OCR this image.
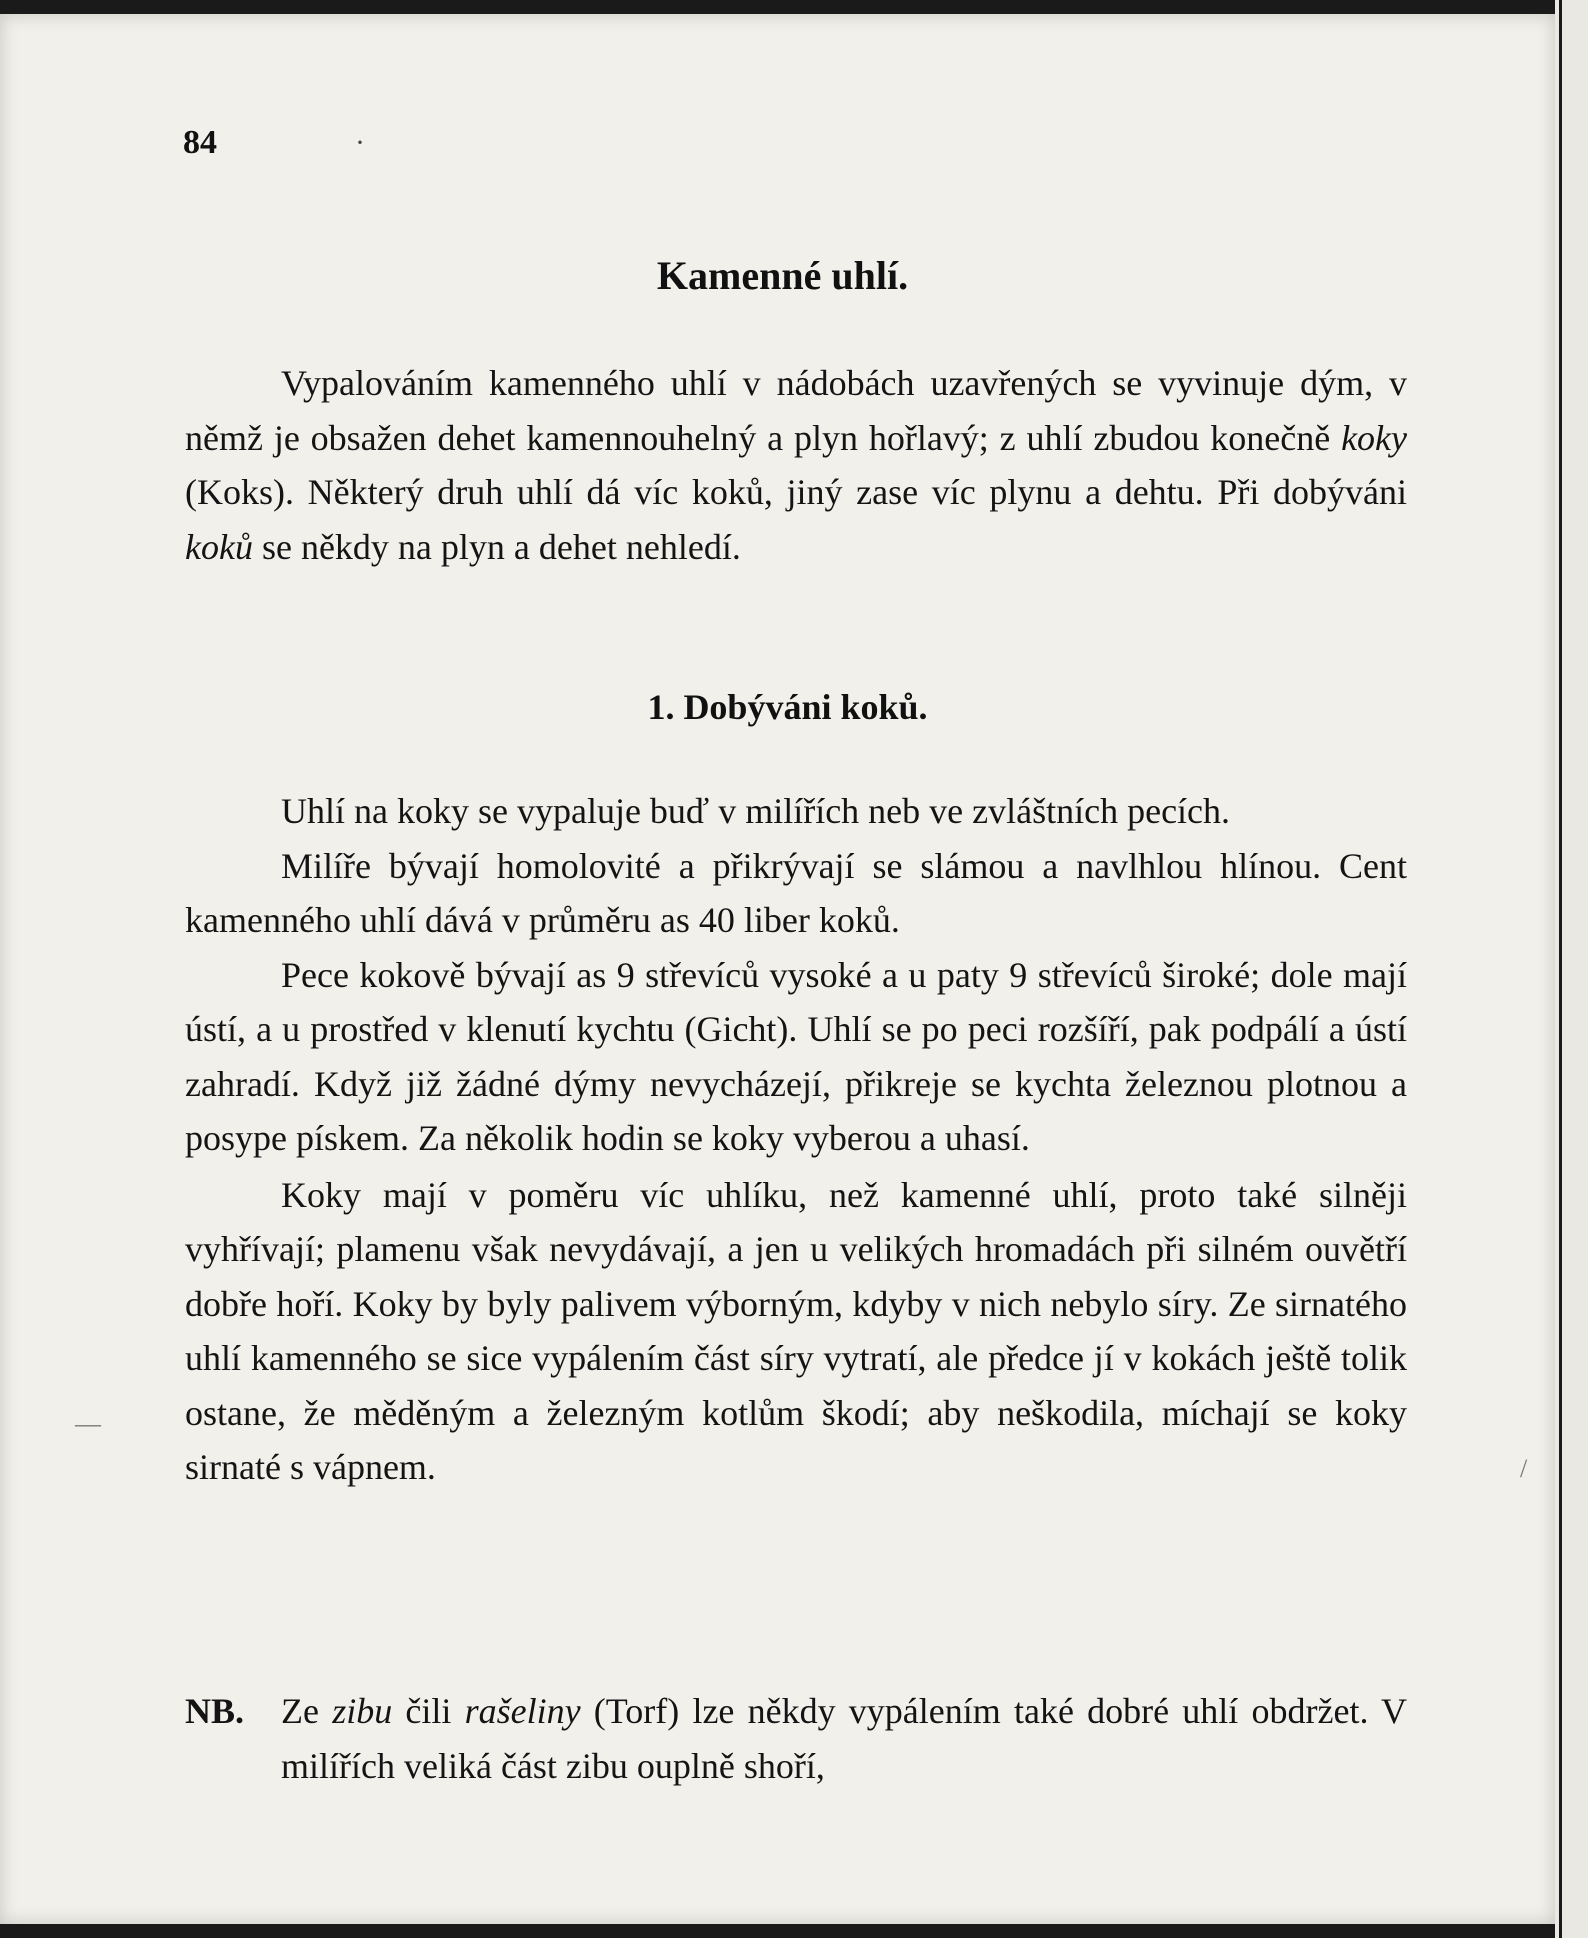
84	·
Kamenné uhlí.

Vypalováním kamenného uhlí v nádobách uzavřených se vyvinuje dým, v němž je obsažen dehet kamennouhelný a plyn hořlavý; z uhlí zbudou konečně koky (Koks). Některý druh uhlí dá víc koků, jiný zase víc plynu a dehtu. Při dobýváni koků se někdy na plyn a dehet nehledí.

1. Dobýváni koků.

Uhlí na koky se vypaluje buď v milířích neb ve zvláštních pecích.

Milíře bývají homolovité a přikrývají se slámou a navlhlou hlínou. Cent kamenného uhlí dává v průměru as 40 liber koků.

Pece kokově bývají as 9 střevíců vysoké a u paty 9 střevíců široké; dole mají ústí, a u prostřed v klenutí kychtu (Gicht). Uhlí se po peci rozšíří, pak podpálí a ústí zahradí. Když již žádné dýmy nevycházejí, přikreje se kychta železnou plotnou a posype pískem. Za několik hodin se koky vyberou a uhasí.

Koky mají v poměru víc uhlíku, než kamenné uhlí, proto také silněji vyhřívají; plamenu však nevydávají, a jen u velikých hromadách při silném ouvětří dobře hoří. Koky by byly palivem výborným, kdyby v nich nebylo síry. Ze sirnatého uhlí kamenného se sice vypálením část síry vytratí, ale předce jí v kokách ještě tolik ostane, že měděným a železným kotlům škodí; aby neškodila, míchají se koky sirnaté s vápnem.

NB. Ze zibu čili rašeliny (Torf) lze někdy vypálením také dobré uhlí obdržet. V milířích veliká část zibu ouplně shoří,
—
/
